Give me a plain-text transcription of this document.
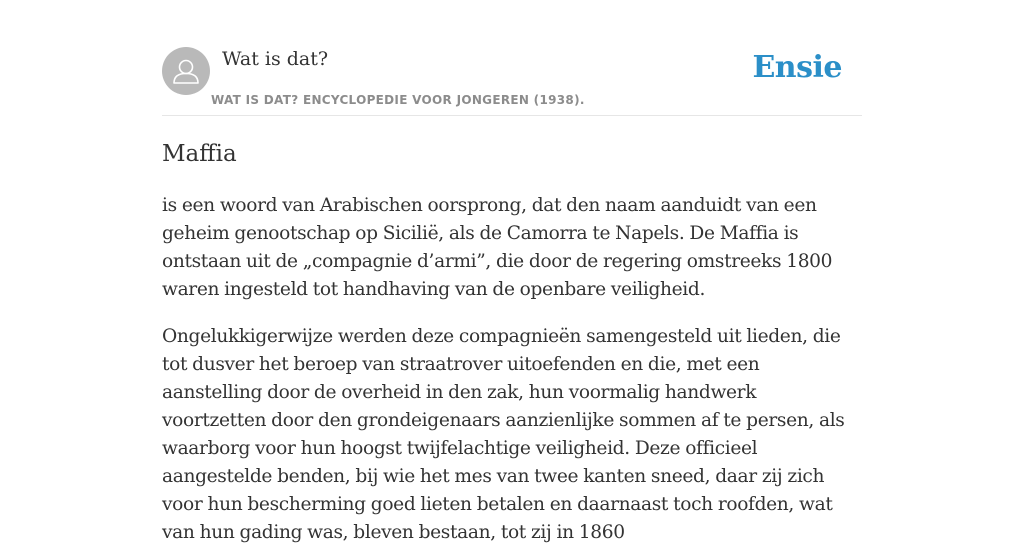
Wat is dat?
WAT IS DAT? ENCYCLOPEDIE VOOR JONGEREN (1938).
Ensie
Maffia

is een woord van Arabischen oorsprong, dat den naam aanduidt van een geheim genootschap op Sicilië, als de Camorra te Napels. De Maffia is ontstaan uit de „compagnie d’armi”, die door de regering omstreeks 1800 waren ingesteld tot handhaving van de openbare veiligheid.

Ongelukkigerwijze werden deze compagnieën samengesteld uit lieden, die tot dusver het beroep van straatrover uitoefenden en die, met een aanstelling door de overheid in den zak, hun voormalig handwerk voortzetten door den grondeigenaars aanzienlijke sommen af te persen, als waarborg voor hun hoogst twijfelachtige veiligheid. Deze officieel aangestelde benden, bij wie het mes van twee kanten sneed, daar zij zich voor hun bescherming goed lieten betalen en daarnaast toch roofden, wat van hun gading was, bleven bestaan, tot zij in 1860
